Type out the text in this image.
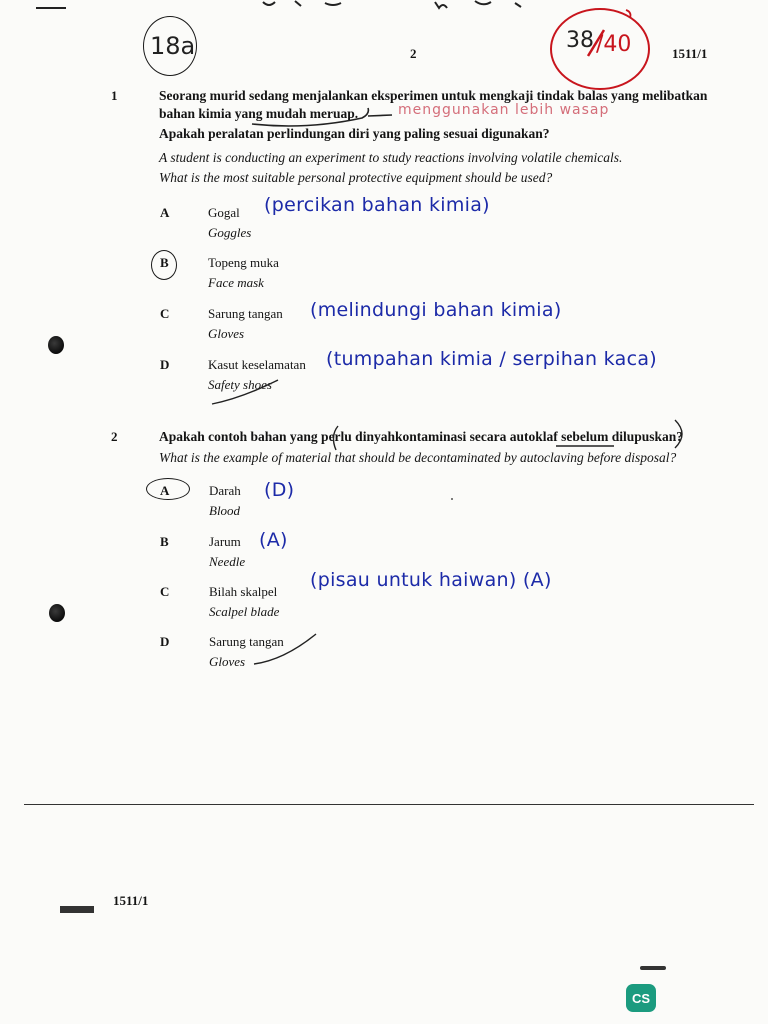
18a	2
38 /40	1511/1
1	Seorang murid sedang menjalankan eksperimen untuk mengkaji tindak balas yang melibatkan
bahan kimia yang mudah meruap.	menggunakan lebih wasap
Apakah peralatan perlindungan diri yang paling sesuai digunakan?
A student is conducting an experiment to study reactions involving volatile chemicals.
What is the most suitable personal protective equipment should be used?
A	Gogal
Goggles
(percikan bahan kimia)
B	Topeng muka
Face mask
C	Sarung tangan
Gloves
(melindungi bahan kimia)
D	Kasut keselamatan
Safety shoes
(tumpahan kimia / serpihan kaca)
2	Apakah contoh bahan yang perlu dinyahkontaminasi secara autoklaf sebelum dilupuskan?
What is the example of material that should be decontaminated by autoclaving before disposal?
A	Darah
Blood
(D)
B	Jarum
Needle
(A)
C	Bilah skalpel
Scalpel blade
(pisau untuk haiwan) (A)
D	Sarung tangan
Gloves
1511/1
CS
